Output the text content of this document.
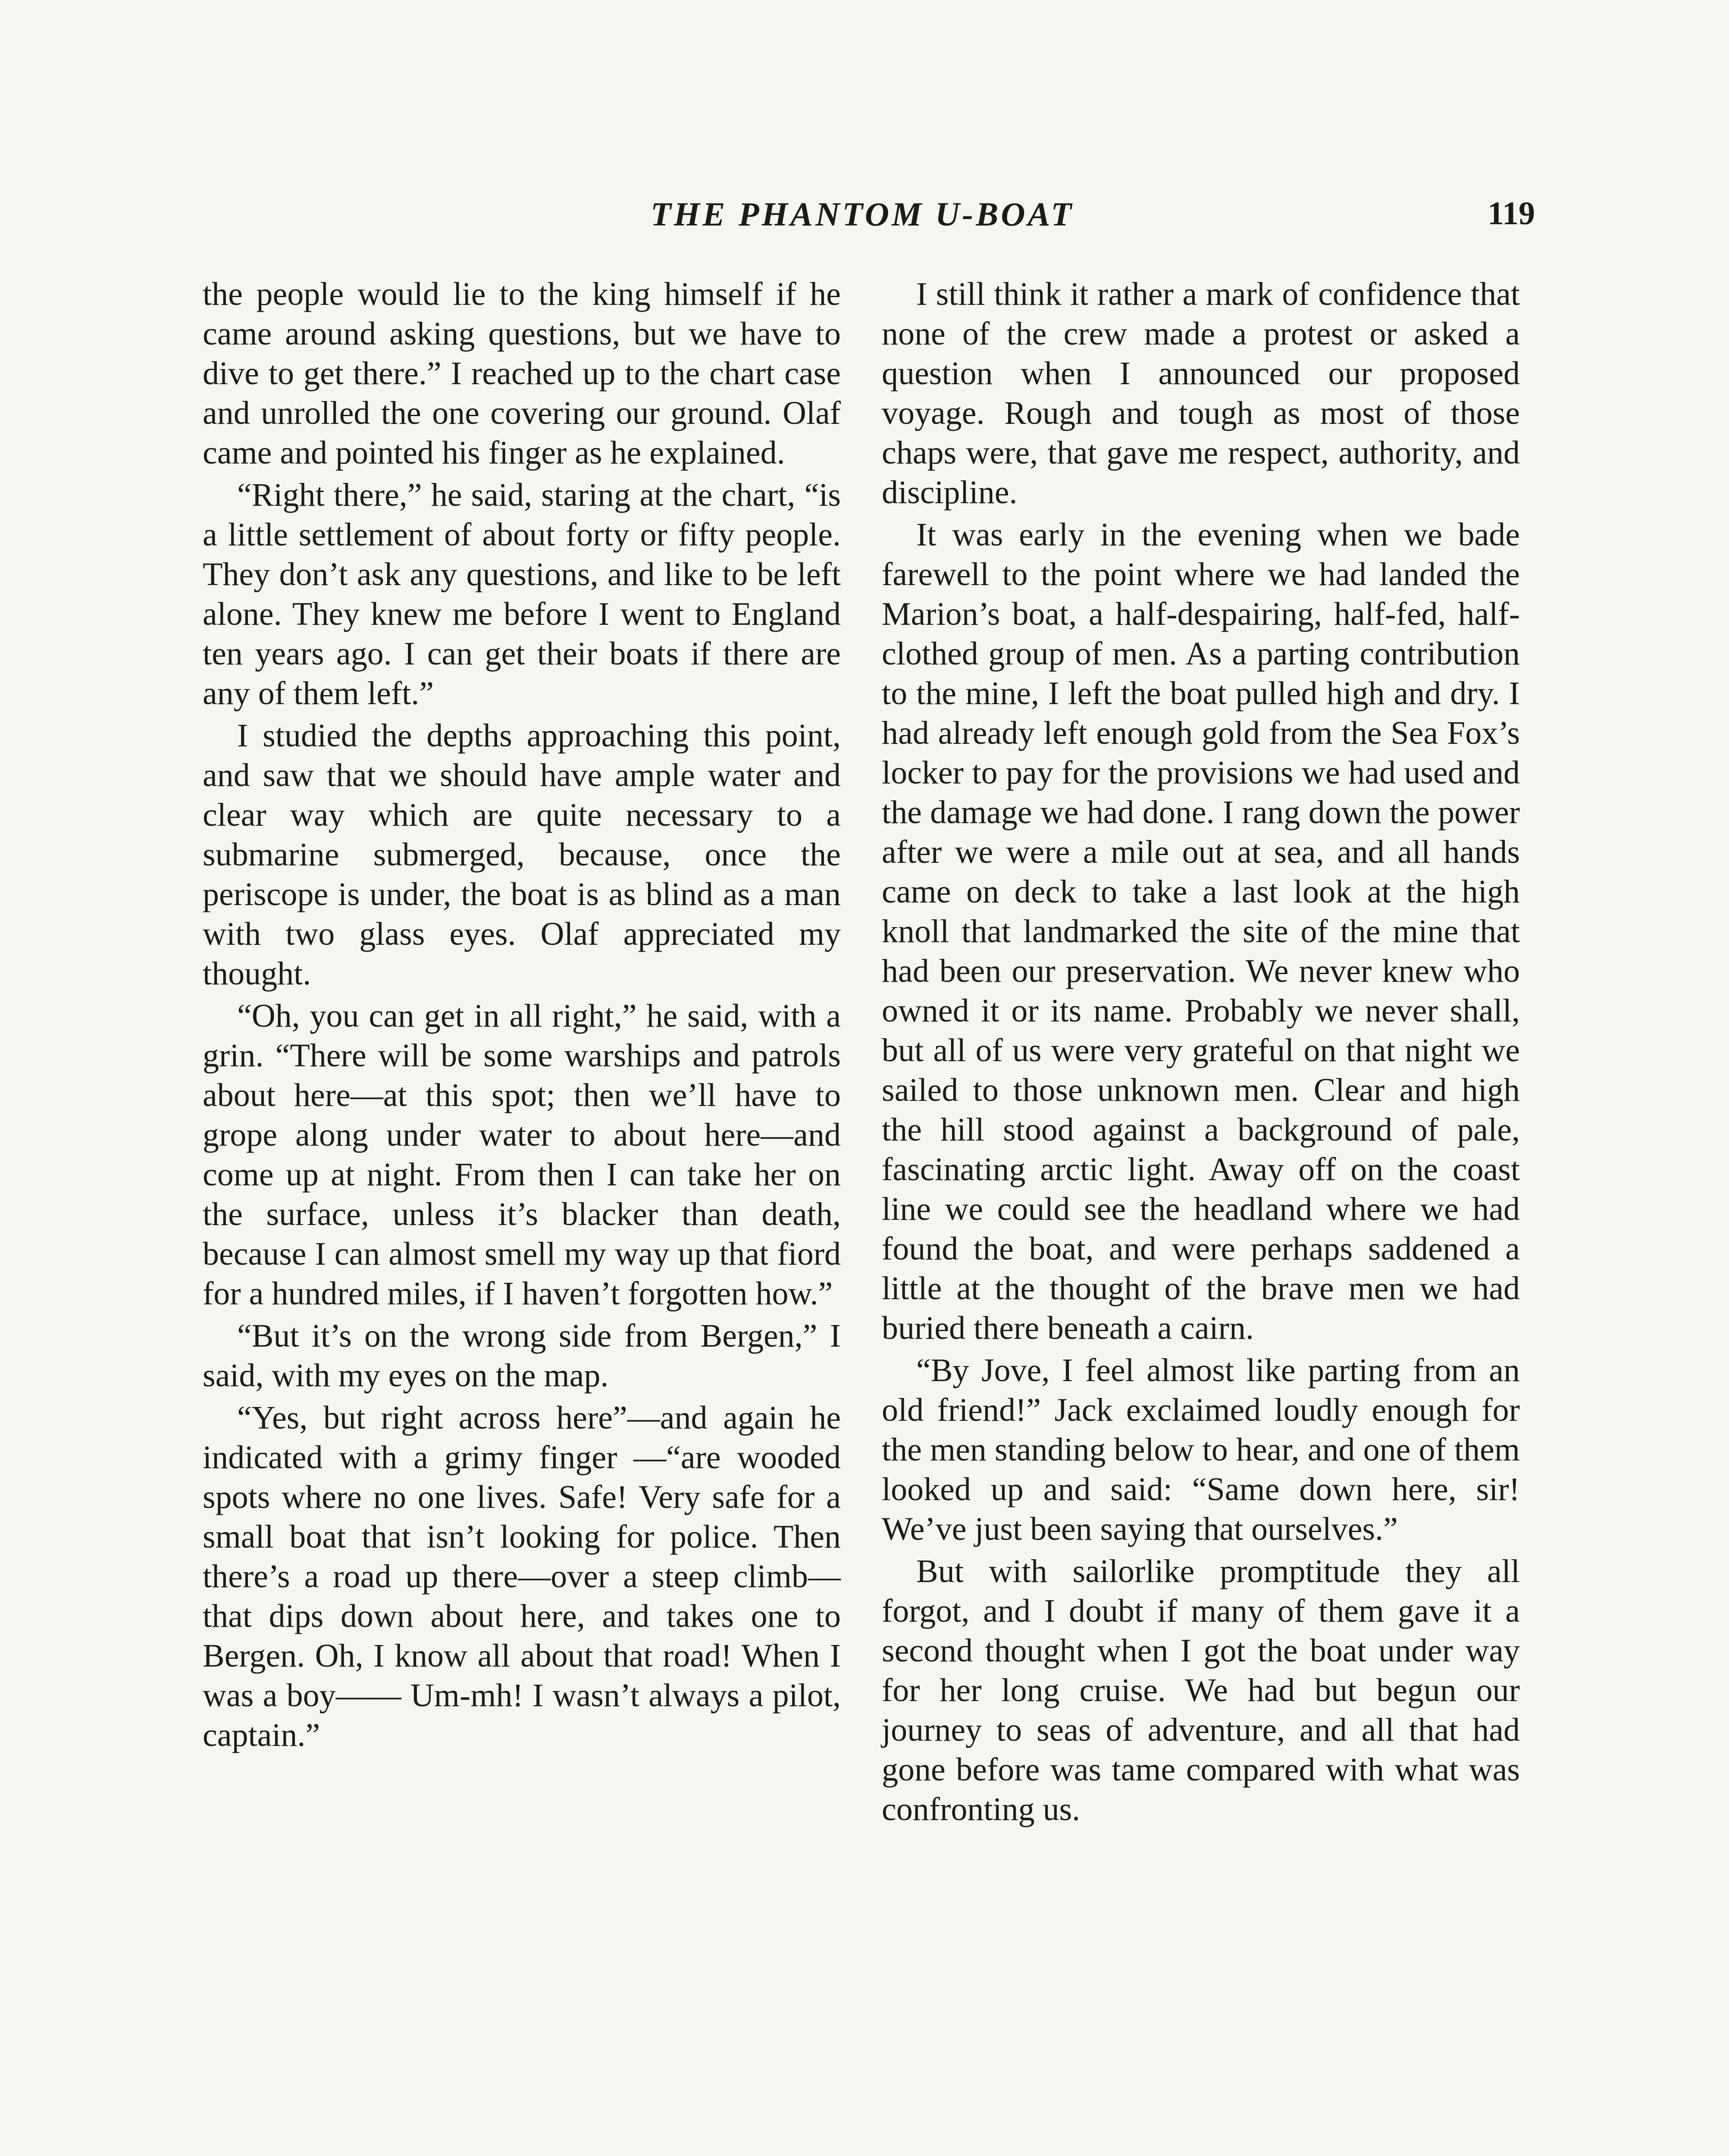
THE PHANTOM U-BOAT	119

the people would lie to the king himself if he came around asking questions, but we have to dive to get there.” I reached up to the chart case and unrolled the one covering our ground. Olaf came and pointed his finger as he explained.

“Right there,” he said, staring at the chart, “is a little settlement of about forty or fifty people. They don’t ask any questions, and like to be left alone. They knew me before I went to England ten years ago. I can get their boats if there are any of them left.”

I studied the depths approaching this point, and saw that we should have ample water and clear way which are quite necessary to a submarine submerged, because, once the periscope is under, the boat is as blind as a man with two glass eyes. Olaf appreciated my thought.

“Oh, you can get in all right,” he said, with a grin. “There will be some warships and patrols about here—at this spot; then we’ll have to grope along under water to about here—and come up at night. From then I can take her on the surface, unless it’s blacker than death, because I can almost smell my way up that fiord for a hundred miles, if I haven’t forgotten how.”

“But it’s on the wrong side from Bergen,” I said, with my eyes on the map.

“Yes, but right across here”—and again he indicated with a grimy finger —“are wooded spots where no one lives. Safe! Very safe for a small boat that isn’t looking for police. Then there’s a road up there—over a steep climb—that dips down about here, and takes one to Bergen. Oh, I know all about that road! When I was a boy—— Um-mh! I wasn’t always a pilot, captain.”

I still think it rather a mark of confidence that none of the crew made a protest or asked a question when I announced our proposed voyage. Rough and tough as most of those chaps were, that gave me respect, authority, and discipline.

It was early in the evening when we bade farewell to the point where we had landed the Marion’s boat, a half-despairing, half-fed, half-clothed group of men. As a parting contribution to the mine, I left the boat pulled high and dry. I had already left enough gold from the Sea Fox’s locker to pay for the provisions we had used and the damage we had done. I rang down the power after we were a mile out at sea, and all hands came on deck to take a last look at the high knoll that landmarked the site of the mine that had been our preservation. We never knew who owned it or its name. Probably we never shall, but all of us were very grateful on that night we sailed to those unknown men. Clear and high the hill stood against a background of pale, fascinating arctic light. Away off on the coast line we could see the headland where we had found the boat, and were perhaps saddened a little at the thought of the brave men we had buried there beneath a cairn.

“By Jove, I feel almost like parting from an old friend!” Jack exclaimed loudly enough for the men standing below to hear, and one of them looked up and said: “Same down here, sir! We’ve just been saying that ourselves.”

But with sailorlike promptitude they all forgot, and I doubt if many of them gave it a second thought when I got the boat under way for her long cruise. We had but begun our journey to seas of adventure, and all that had gone before was tame compared with what was confronting us.
